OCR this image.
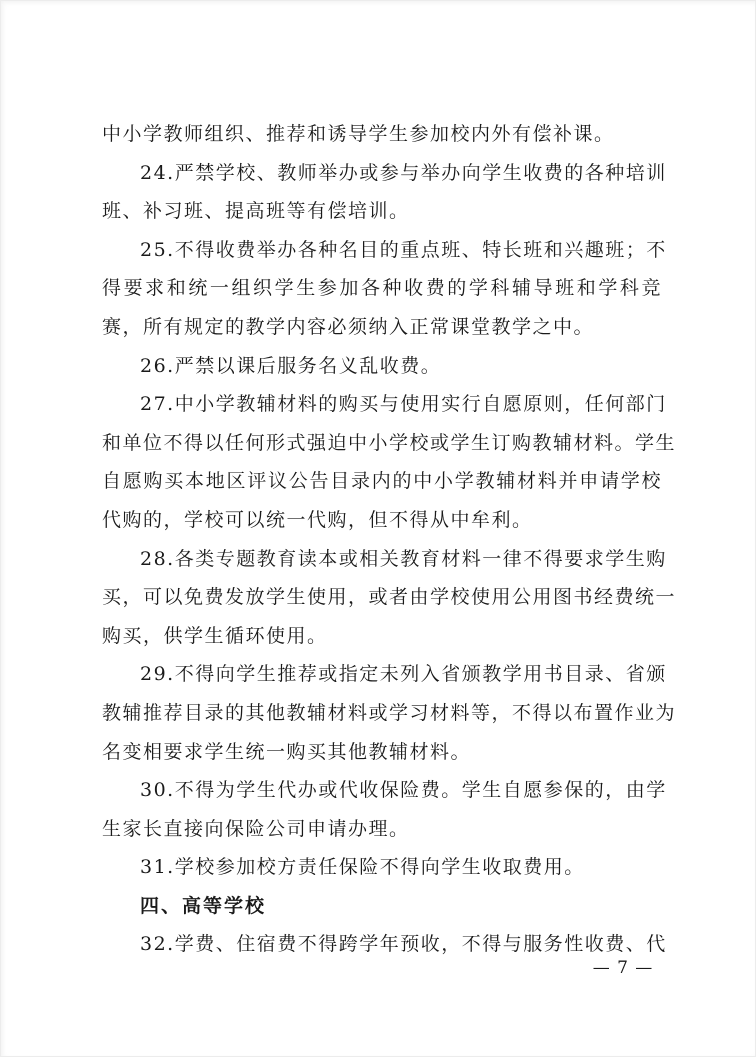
中小学教师组织、推荐和诱导学生参加校内外有偿补课。
24.严禁学校、教师举办或参与举办向学生收费的各种培训
班、补习班、提高班等有偿培训。
25.不得收费举办各种名目的重点班、特长班和兴趣班；不
得要求和统一组织学生参加各种收费的学科辅导班和学科竞
赛，所有规定的教学内容必须纳入正常课堂教学之中。
26.严禁以课后服务名义乱收费。
27.中小学教辅材料的购买与使用实行自愿原则，任何部门
和单位不得以任何形式强迫中小学校或学生订购教辅材料。学生
自愿购买本地区评议公告目录内的中小学教辅材料并申请学校
代购的，学校可以统一代购，但不得从中牟利。
28.各类专题教育读本或相关教育材料一律不得要求学生购
买，可以免费发放学生使用，或者由学校使用公用图书经费统一
购买，供学生循环使用。
29.不得向学生推荐或指定未列入省颁教学用书目录、省颁
教辅推荐目录的其他教辅材料或学习材料等，不得以布置作业为
名变相要求学生统一购买其他教辅材料。
30.不得为学生代办或代收保险费。学生自愿参保的，由学
生家长直接向保险公司申请办理。
31.学校参加校方责任保险不得向学生收取费用。
四、高等学校
32.学费、住宿费不得跨学年预收，不得与服务性收费、代
— 7 —
